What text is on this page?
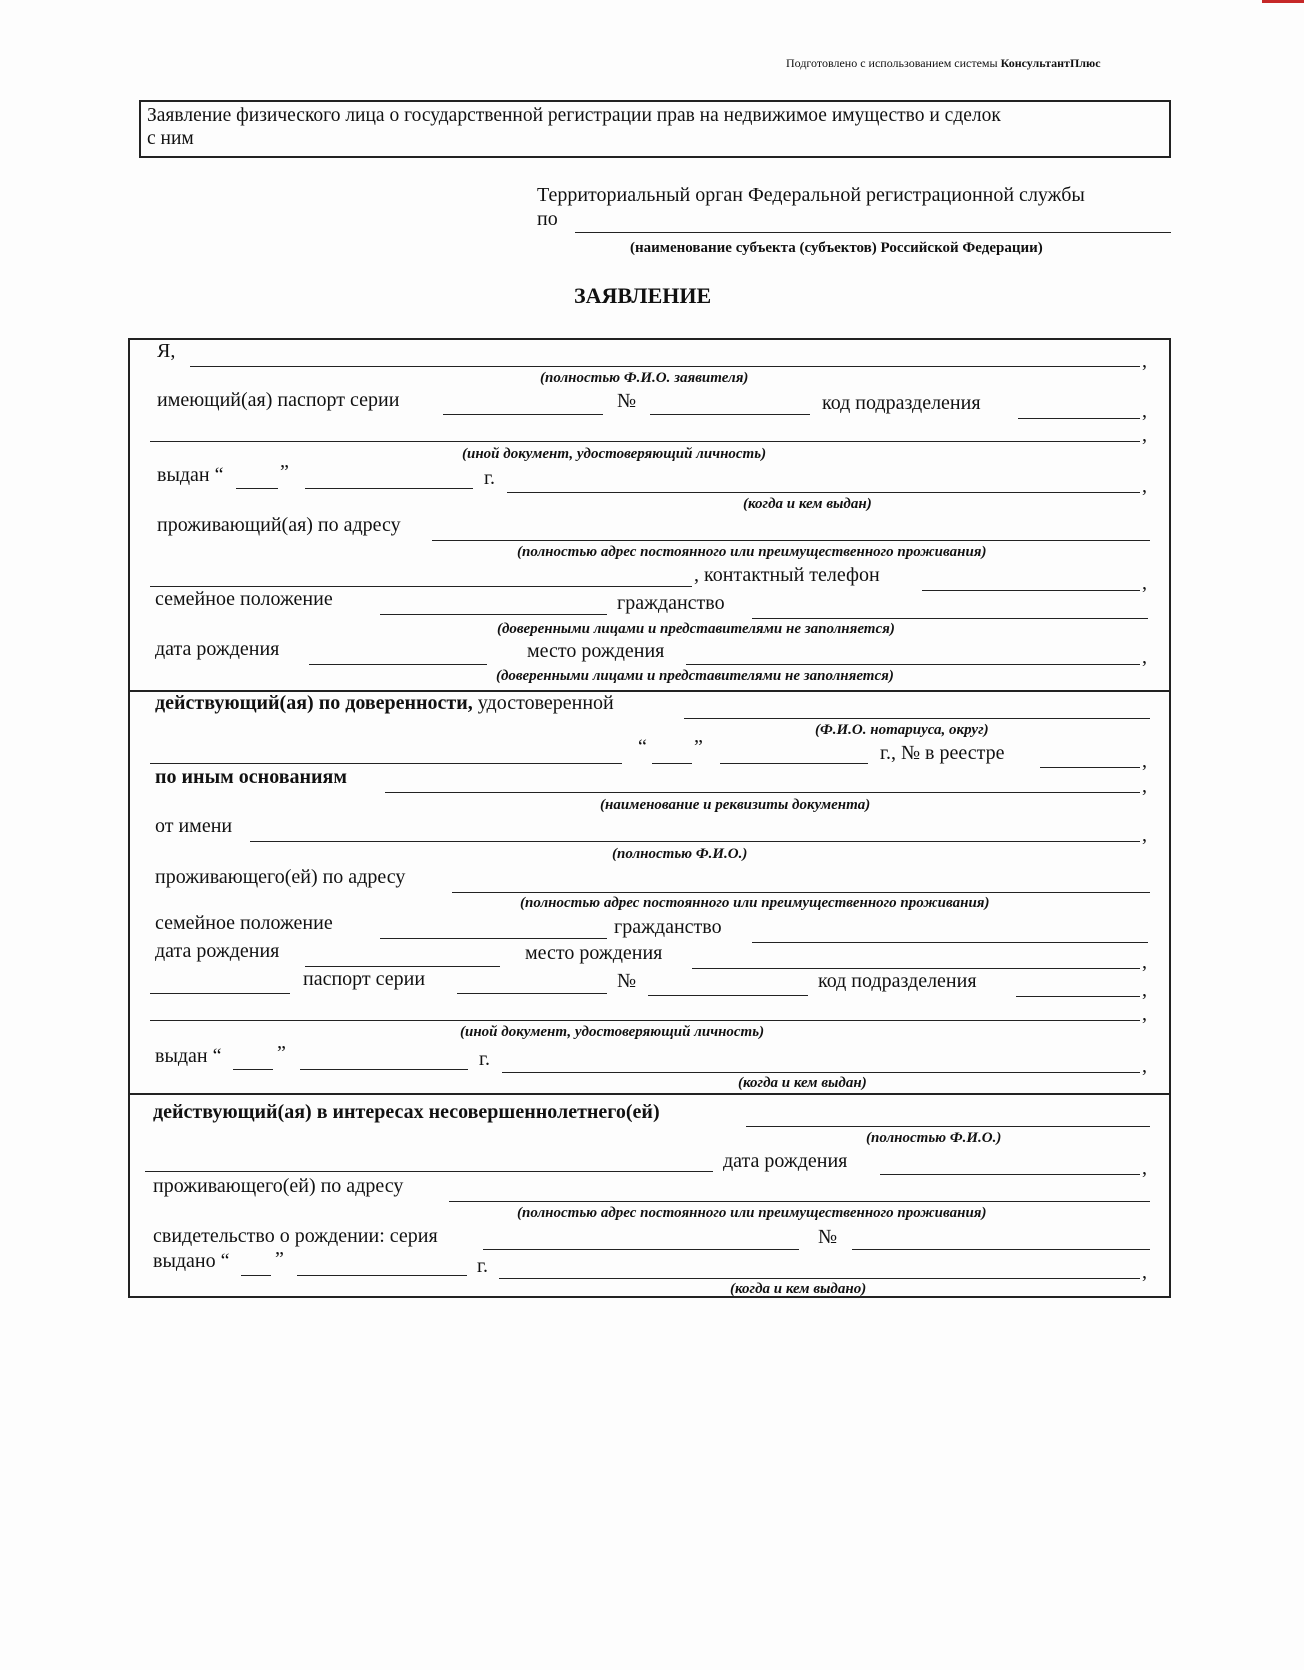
Подготовлено с использованием системы КонсультантПлюс
Заявление физического лица о государственной регистрации прав на недвижимое имущество и сделок
с ним
Территориальный орган Федеральной регистрационной службы
по
(наименование субъекта (субъектов) Российской Федерации)
ЗАЯВЛЕНИЕ
Я,	,
(полностью Ф.И.О. заявителя)
имеющий(ая) паспорт серии	№	код подразделения	,
,
(иной документ, удостоверяющий личность)
выдан “	”	г.	,
(когда и кем выдан)
проживающий(ая) по адресу
(полностью адрес постоянного или преимущественного проживания)
, контактный телефон	,
семейное положение	гражданство
(доверенными лицами и представителями не заполняется)
дата рождения	место рождения	,
(доверенными лицами и представителями не заполняется)
действующий(ая) по доверенности, удостоверенной
(Ф.И.О. нотариуса, округ)
“ ”	г., № в реестре	,
по иным основаниям	,
(наименование и реквизиты документа)
от имени	,
(полностью Ф.И.О.)
проживающего(ей) по адресу
(полностью адрес постоянного или преимущественного проживания)
семейное положение	гражданство
дата рождения	место рождения	,
паспорт серии	№	код подразделения	,
,
(иной документ, удостоверяющий личность)
выдан “	”	г.	,
(когда и кем выдан)
действующий(ая) в интересах несовершеннолетнего(ей)
(полностью Ф.И.О.)
дата рождения	,
проживающего(ей) по адресу
(полностью адрес постоянного или преимущественного проживания)
свидетельство о рождении: серия	№
выдано “ ”	г.	,
(когда и кем выдано)
